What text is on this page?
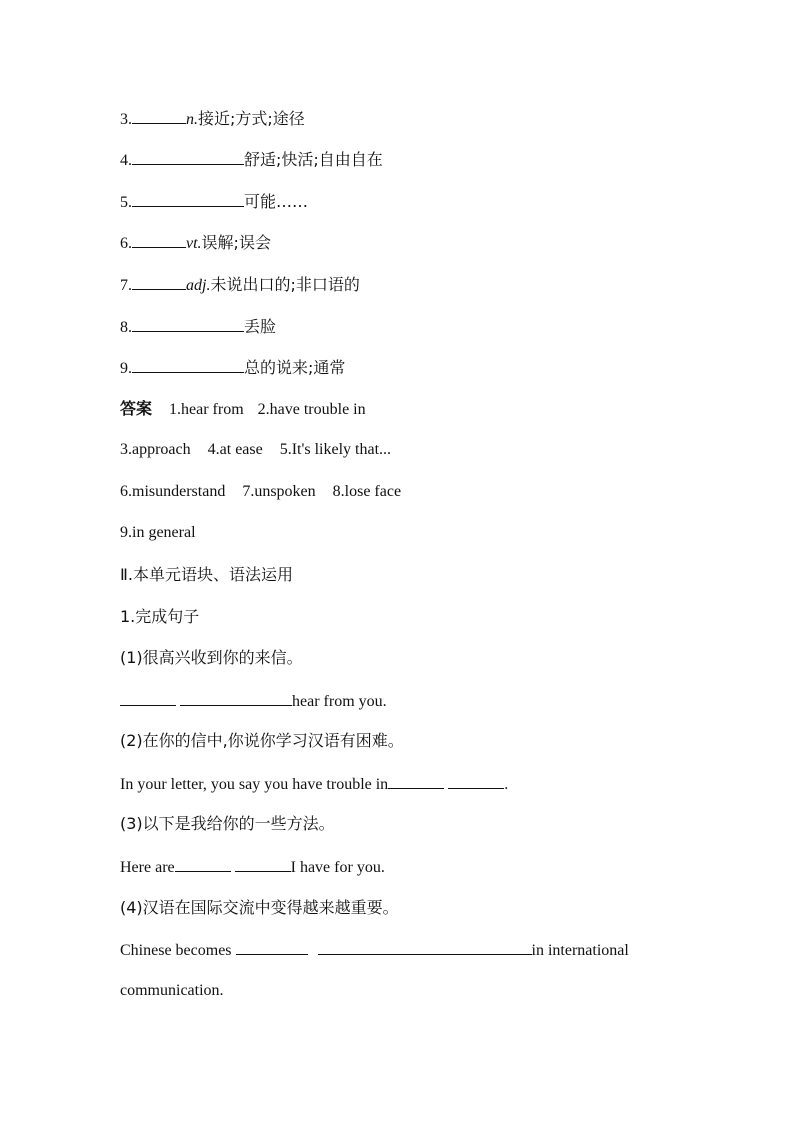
3.	n.接近;方式;途径
4.	舒适;快活;自由自在
5.	可能……
6.	vt.误解;误会
7.	adj.未说出口的;非口语的
8.	丢脸
9.	总的说来;通常
答案 1.hear from 2.have trouble in
3.approach 4.at ease 5.It's likely that...
6.misunderstand 7.unspoken 8.lose face
9.in general
Ⅱ.本单元语块、语法运用
1.完成句子
(1)很高兴收到你的来信。
hear from you.
(2)在你的信中,你说你学习汉语有困难。
In your letter, you say you have trouble in	.
(3)以下是我给你的一些方法。
Here are	I have for you.
(4)汉语在国际交流中变得越来越重要。
Chinese becomes	in international
communication.
